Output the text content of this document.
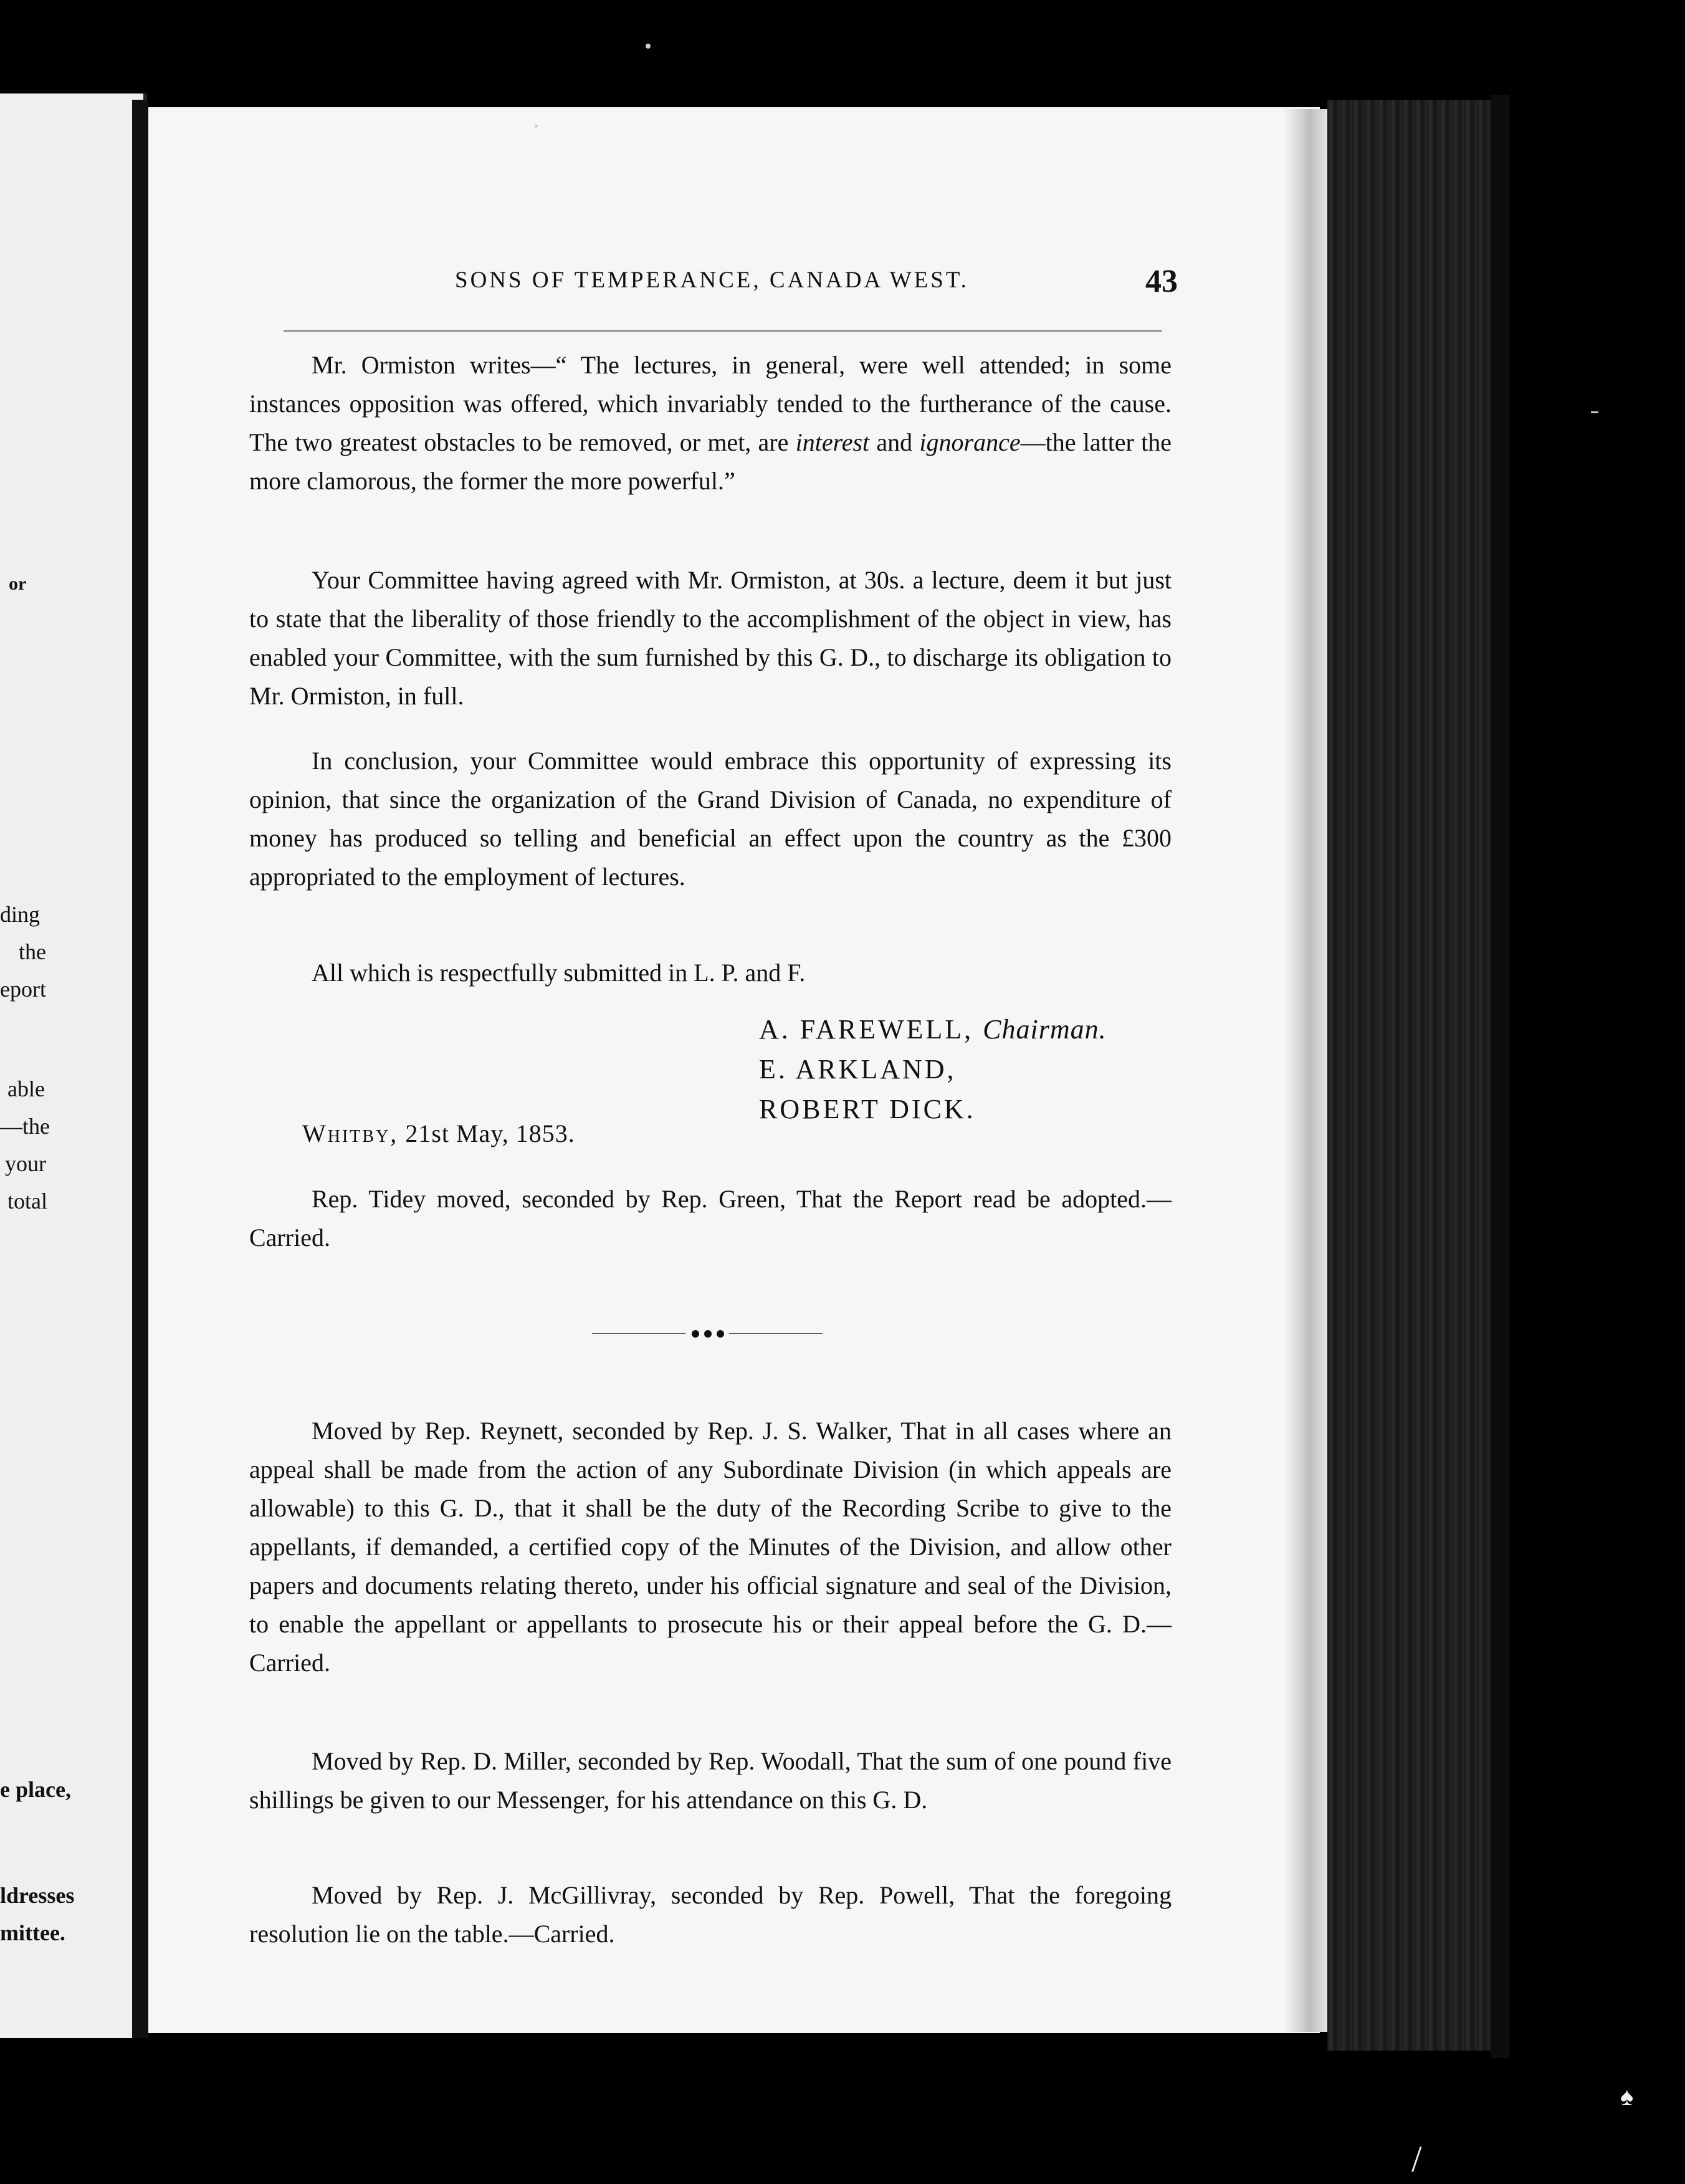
or
ding
the
eport
able
—the
your
total
e place,
ldresses
mittee.
SONS OF TEMPERANCE, CANADA WEST.	43

Mr. Ormiston writes—“ The lectures, in general, were well attended; in some instances opposition was offered, which invariably tended to the furtherance of the cause. The two greatest obstacles to be removed, or met, are interest and ignorance—the latter the more clamorous, the former the more powerful.”

Your Committee having agreed with Mr. Ormiston, at 30s. a lecture, deem it but just to state that the liberality of those friendly to the accomplishment of the object in view, has enabled your Committee, with the sum furnished by this G. D., to discharge its obligation to Mr. Ormiston, in full.

In conclusion, your Committee would embrace this opportunity of expressing its opinion, that since the organization of the Grand Division of Canada, no expenditure of money has produced so telling and beneficial an effect upon the country as the £300 appropriated to the employment of lectures.

All which is respectfully submitted in L. P. and F.

A. FAREWELL, Chairman.
E. ARKLAND,
ROBERT DICK.
Whitby, 21st May, 1853.

Rep. Tidey moved, seconded by Rep. Green, That the Report read be adopted.—Carried.

Moved by Rep. Reynett, seconded by Rep. J. S. Walker, That in all cases where an appeal shall be made from the action of any Subordinate Division (in which appeals are allowable) to this G. D., that it shall be the duty of the Recording Scribe to give to the appellants, if demanded, a certified copy of the Minutes of the Division, and allow other papers and documents relating thereto, under his official signature and seal of the Division, to enable the appellant or appellants to prosecute his or their appeal before the G. D.—Carried.

Moved by Rep. D. Miller, seconded by Rep. Woodall, That the sum of one pound five shillings be given to our Messenger, for his attendance on this G. D.

Moved by Rep. J. McGillivray, seconded by Rep. Powell, That the foregoing resolution lie on the table.—Carried.

♠
/
